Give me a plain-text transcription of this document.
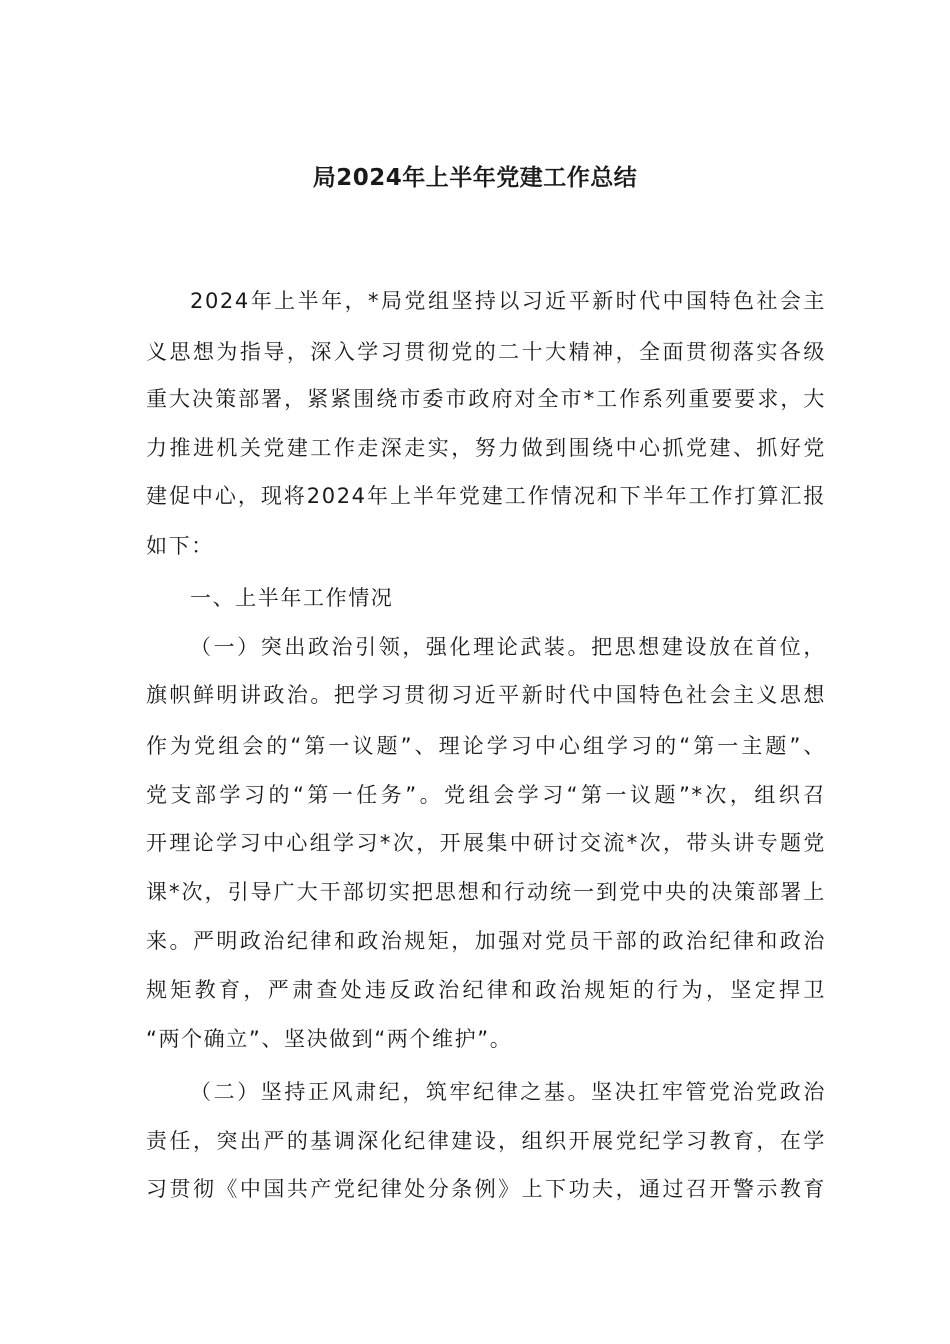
局2024年上半年党建工作总结
2024年上半年，*局党组坚持以习近平新时代中国特色社会主
义思想为指导，深入学习贯彻党的二十大精神，全面贯彻落实各级
重大决策部署，紧紧围绕市委市政府对全市*工作系列重要要求，大
力推进机关党建工作走深走实，努力做到围绕中心抓党建、抓好党
建促中心，现将2024年上半年党建工作情况和下半年工作打算汇报
如下：
一、上半年工作情况
（一）突出政治引领，强化理论武装。把思想建设放在首位，
旗帜鲜明讲政治。把学习贯彻习近平新时代中国特色社会主义思想
作为党组会的“第一议题”、理论学习中心组学习的“第一主题”、
党支部学习的“第一任务”。党组会学习“第一议题”*次，组织召
开理论学习中心组学习*次，开展集中研讨交流*次，带头讲专题党
课*次，引导广大干部切实把思想和行动统一到党中央的决策部署上
来。严明政治纪律和政治规矩，加强对党员干部的政治纪律和政治
规矩教育，严肃查处违反政治纪律和政治规矩的行为，坚定捍卫
“两个确立”、坚决做到“两个维护”。
（二）坚持正风肃纪，筑牢纪律之基。坚决扛牢管党治党政治
责任，突出严的基调深化纪律建设，组织开展党纪学习教育，在学
习贯彻《中国共产党纪律处分条例》上下功夫，通过召开警示教育
